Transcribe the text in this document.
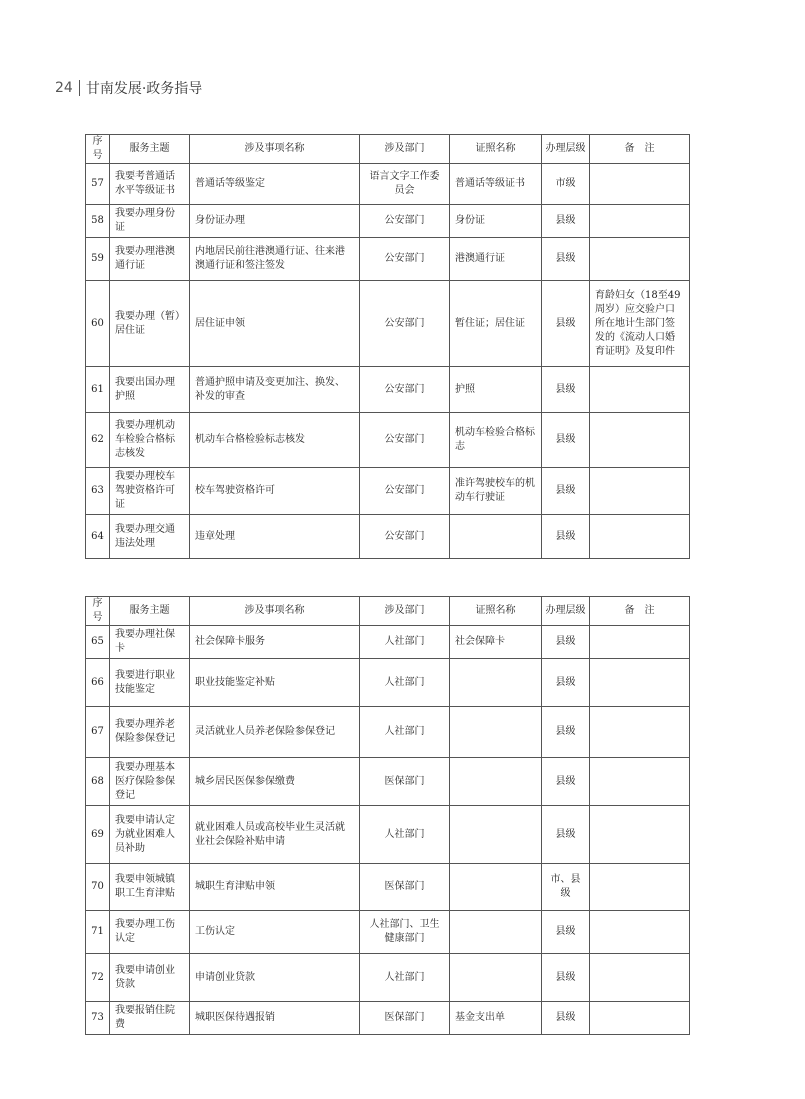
24 甘南发展·政务指导
序号	服务主题	涉及事项名称	涉及部门	证照名称	办理层级	备　注
57	我要考普通话水平等级证书	普通话等级鉴定	语言文字工作委员会	普通话等级证书	市级	
58	我要办理身份证	身份证办理	公安部门	身份证	县级	
59	我要办理港澳通行证	内地居民前往港澳通行证、往来港澳通行证和签注签发	公安部门	港澳通行证	县级	
60	我要办理（暂）居住证	居住证申领	公安部门	暂住证；居住证	县级	育龄妇女（18至49周岁）应交验户口所在地计生部门签发的《流动人口婚育证明》及复印件
61	我要出国办理护照	普通护照申请及变更加注、换发、补发的审查	公安部门	护照	县级	
62	我要办理机动车检验合格标志核发	机动车合格检验标志核发	公安部门	机动车检验合格标志	县级	
63	我要办理校车驾驶资格许可证	校车驾驶资格许可	公安部门	准许驾驶校车的机动车行驶证	县级	
64	我要办理交通违法处理	违章处理	公安部门		县级	
序号	服务主题	涉及事项名称	涉及部门	证照名称	办理层级	备　注
65	我要办理社保卡	社会保障卡服务	人社部门	社会保障卡	县级	
66	我要进行职业技能鉴定	职业技能鉴定补贴	人社部门		县级	
67	我要办理养老保险参保登记	灵活就业人员养老保险参保登记	人社部门		县级	
68	我要办理基本医疗保险参保登记	城乡居民医保参保缴费	医保部门		县级	
69	我要申请认定为就业困难人员补助	就业困难人员或高校毕业生灵活就业社会保险补贴申请	人社部门		县级	
70	我要申领城镇职工生育津贴	城职生育津贴申领	医保部门		市、县级	
71	我要办理工伤认定	工伤认定	人社部门、卫生健康部门		县级	
72	我要申请创业贷款	申请创业贷款	人社部门		县级	
73	我要报销住院费	城职医保待遇报销	医保部门	基金支出单	县级	
